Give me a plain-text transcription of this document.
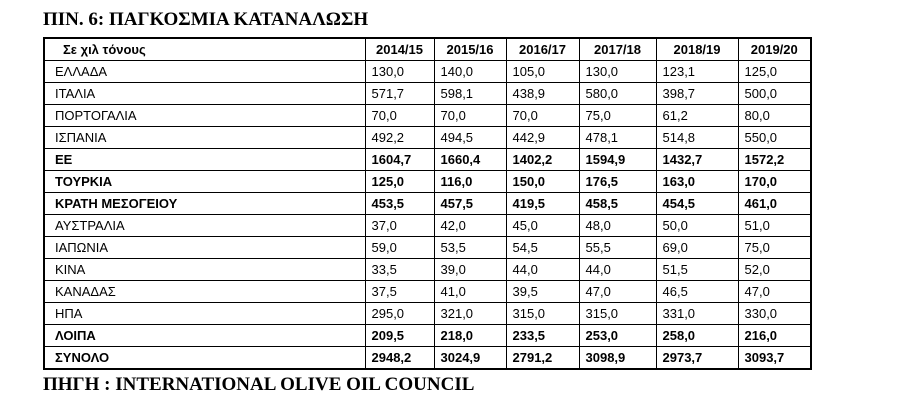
ΠΙΝ. 6: ΠΑΓΚΟΣΜΙΑ ΚΑΤΑΝΑΛΩΣΗ
Σε χιλ τόνους	2014/15	2015/16	2016/17	2017/18	2018/19	2019/20
ΕΛΛΑΔΑ	130,0	140,0	105,0	130,0	123,1	125,0
ΙΤΑΛΙΑ	571,7	598,1	438,9	580,0	398,7	500,0
ΠΟΡΤΟΓΑΛΙΑ	70,0	70,0	70,0	75,0	61,2	80,0
ΙΣΠΑΝΙΑ	492,2	494,5	442,9	478,1	514,8	550,0
ΕΕ	1604,7	1660,4	1402,2	1594,9	1432,7	1572,2
ΤΟΥΡΚΙΑ	125,0	116,0	150,0	176,5	163,0	170,0
ΚΡΑΤΗ ΜΕΣΟΓΕΙΟΥ	453,5	457,5	419,5	458,5	454,5	461,0
ΑΥΣΤΡΑΛΙΑ	37,0	42,0	45,0	48,0	50,0	51,0
ΙΑΠΩΝΙΑ	59,0	53,5	54,5	55,5	69,0	75,0
ΚΙΝΑ	33,5	39,0	44,0	44,0	51,5	52,0
ΚΑΝΑΔΑΣ	37,5	41,0	39,5	47,0	46,5	47,0
ΗΠΑ	295,0	321,0	315,0	315,0	331,0	330,0
ΛΟΙΠΑ	209,5	218,0	233,5	253,0	258,0	216,0
ΣΥΝΟΛΟ	2948,2	3024,9	2791,2	3098,9	2973,7	3093,7
ΠΗΓΗ : INTERNATIONAL OLIVE OIL COUNCIL
